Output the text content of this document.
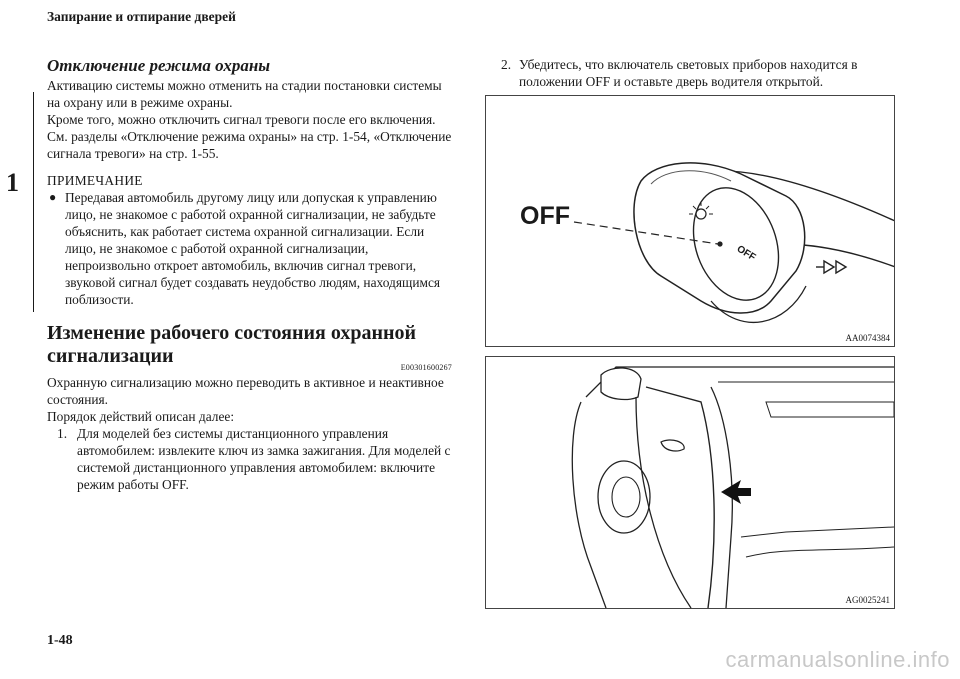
Запирание и отпирание дверей
1
Отключение режима охраны

Активацию системы можно отменить на стадии постановки системы на охрану или в режиме охраны.

Кроме того, можно отключить сигнал тревоги после его включения.

См. разделы «Отключение режима охраны» на стр. 1-54, «Отключение сигнала тревоги» на стр. 1-55.

ПРИМЕЧАНИЕ
● Передавая автомобиль другому лицу или допуская к управлению лицо, не знакомое с работой охранной сигнализации, не забудьте объяснить, как работает система охранной сигнализации. Если лицо, не знакомое с работой охранной сигнализации, непроизвольно откроет автомобиль, включив сигнал тревоги, звуковой сигнал будет создавать неудобство людям, находящимся поблизости.
Изменение рабочего состояния охранной сигнализации
E00301600267

Охранную сигнализацию можно переводить в активное и неактивное состояния.

Порядок действий описан далее:

1. Для моделей без системы дистанционного управления автомобилем: извлеките ключ из замка зажигания. Для моделей с системой дистанционного управления автомобилем: включите режим работы OFF.
2. Убедитесь, что включатель световых приборов находится в положении OFF и оставьте дверь водителя открытой.
OFF
OFF
AA0074384
AG0025241
1-48
carmanualsonline.info
